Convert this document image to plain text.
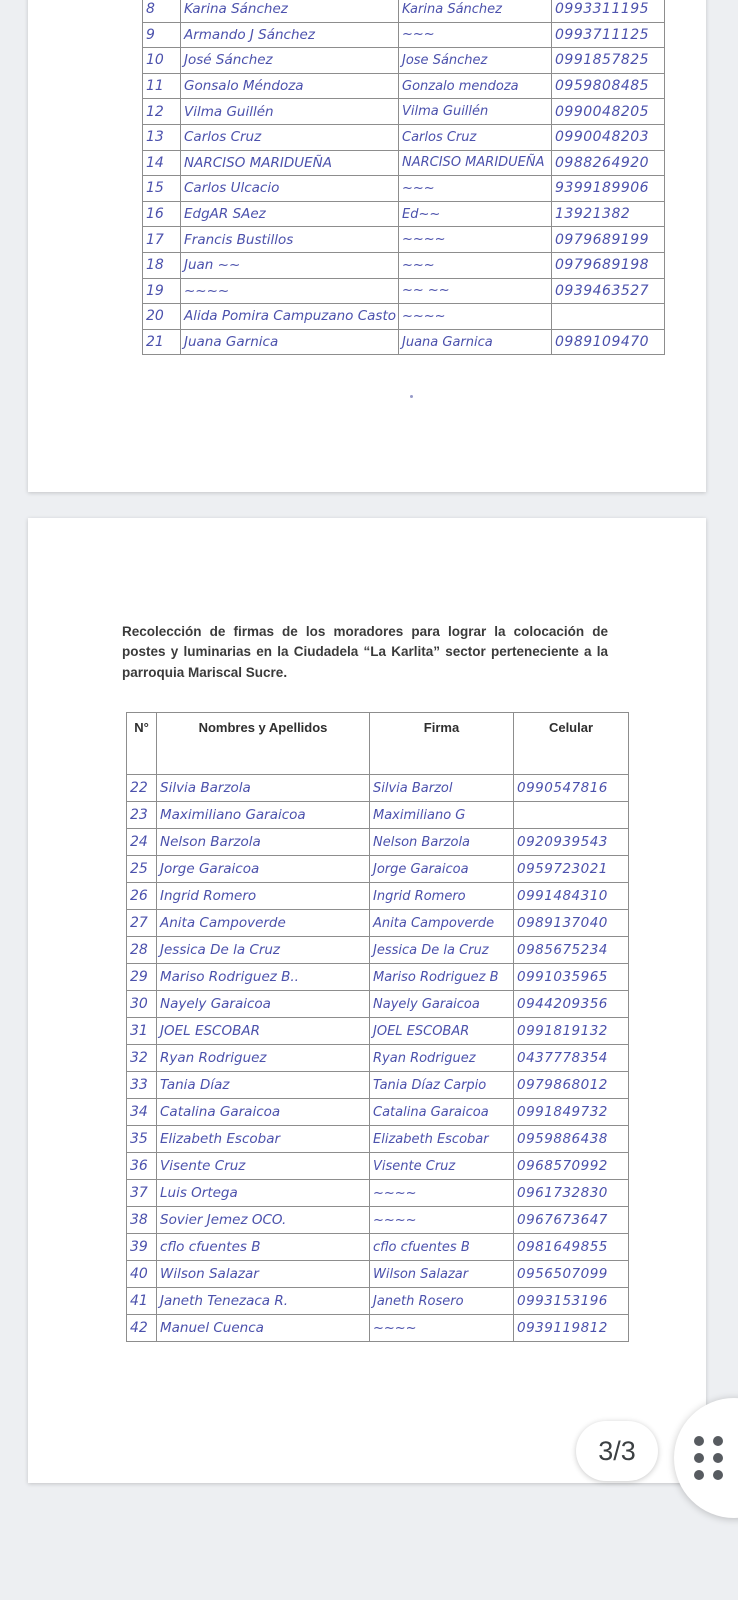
8	Karina Sánchez	Karina Sánchez	0993311195
9	Armando J Sánchez	~~~	0993711125
10	José Sánchez	Jose Sánchez	0991857825
11	Gonsalo Méndoza	Gonzalo mendoza	0959808485
12	Vilma Guillén	Vilma Guillén	0990048205
13	Carlos Cruz	Carlos Cruz	0990048203
14	NARCISO MARIDUEÑA	NARCISO MARIDUEÑA	0988264920
15	Carlos Ulcacio	~~~	9399189906
16	EdgAR SAez	Ed~~	13921382
17	Francis Bustillos	~~~~	0979689199
18	Juan ~~	~~~	0979689198
19	~~~~	~~ ~~	0939463527
20	Alida Pomira Campuzano Casto	~~~~	
21	Juana Garnica	Juana Garnica	0989109470

Recolección de firmas de los moradores para lograr la colocación de postes y luminarias en la Ciudadela “La Karlita” sector perteneciente a la parroquia Mariscal Sucre.

N°	Nombres y Apellidos	Firma	Celular
22	Silvia Barzola	Silvia Barzol	0990547816
23	Maximiliano Garaicoa	Maximiliano G	
24	Nelson Barzola	Nelson Barzola	0920939543
25	Jorge Garaicoa	Jorge Garaicoa	0959723021
26	Ingrid Romero	Ingrid Romero	0991484310
27	Anita Campoverde	Anita Campoverde	0989137040
28	Jessica De la Cruz	Jessica De la Cruz	0985675234
29	Mariso Rodriguez B..	Mariso Rodriguez B	0991035965
30	Nayely Garaicoa	Nayely Garaicoa	0944209356
31	JOEL ESCOBAR	JOEL ESCOBAR	0991819132
32	Ryan Rodriguez	Ryan Rodriguez	0437778354
33	Tania Díaz	Tania Díaz Carpio	0979868012
34	Catalina Garaicoa	Catalina Garaicoa	0991849732
35	Elizabeth Escobar	Elizabeth Escobar	0959886438
36	Visente Cruz	Visente Cruz	0968570992
37	Luis Ortega	~~~~	0961732830
38	Sovier Jemez OCO.	~~~~	0967673647
39	cflo cfuentes B	cflo cfuentes B	0981649855
40	Wilson Salazar	Wilson Salazar	0956507099
41	Janeth Tenezaca R.	Janeth Rosero	0993153196
42	Manuel Cuenca	~~~~	0939119812
3/3
